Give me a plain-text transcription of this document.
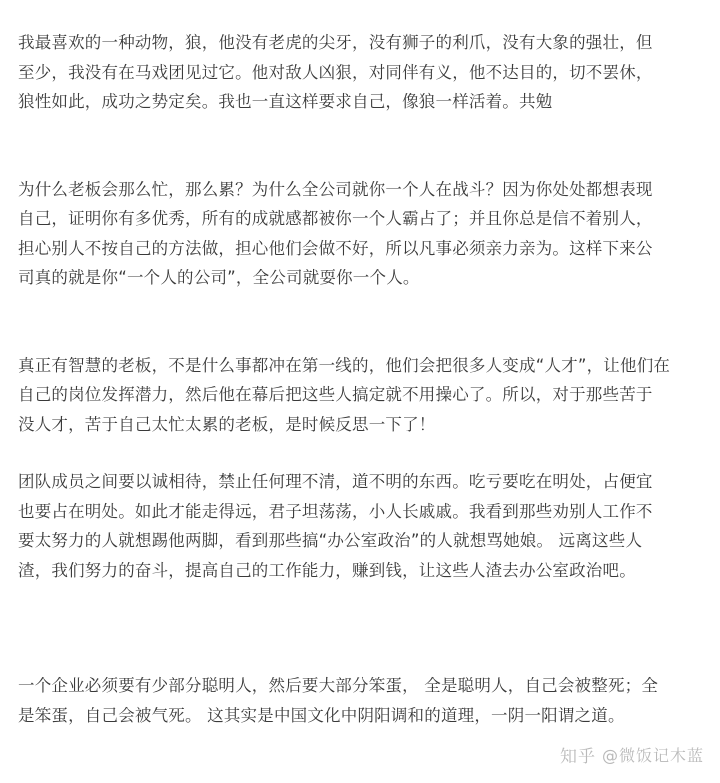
我最喜欢的一种动物，狼，他没有老虎的尖牙，没有狮子的利爪，没有大象的强壮，但
至少，我没有在马戏团见过它。他对敌人凶狠，对同伴有义，他不达目的，切不罢休，
狼性如此，成功之势定矣。我也一直这样要求自己，像狼一样活着。共勉

为什么老板会那么忙，那么累？为什么全公司就你一个人在战斗？因为你处处都想表现
自己，证明你有多优秀，所有的成就感都被你一个人霸占了；并且你总是信不着别人，
担心别人不按自己的方法做，担心他们会做不好，所以凡事必须亲力亲为。这样下来公
司真的就是你“一个人的公司”，全公司就耍你一个人。

真正有智慧的老板，不是什么事都冲在第一线的，他们会把很多人变成“人才”，让他们在
自己的岗位发挥潜力，然后他在幕后把这些人搞定就不用操心了。所以，对于那些苦于
没人才，苦于自己太忙太累的老板，是时候反思一下了！

团队成员之间要以诚相待，禁止任何理不清，道不明的东西。吃亏要吃在明处，占便宜
也要占在明处。如此才能走得远，君子坦荡荡，小人长戚戚。我看到那些劝别人工作不
要太努力的人就想踢他两脚，看到那些搞“办公室政治”的人就想骂她娘。 远离这些人
渣，我们努力的奋斗，提高自己的工作能力，赚到钱，让这些人渣去办公室政治吧。

一个企业必须要有少部分聪明人，然后要大部分笨蛋， 全是聪明人，自己会被整死；全
是笨蛋，自己会被气死。 这其实是中国文化中阴阳调和的道理，一阴一阳谓之道。

知乎 @微饭记木蓝
